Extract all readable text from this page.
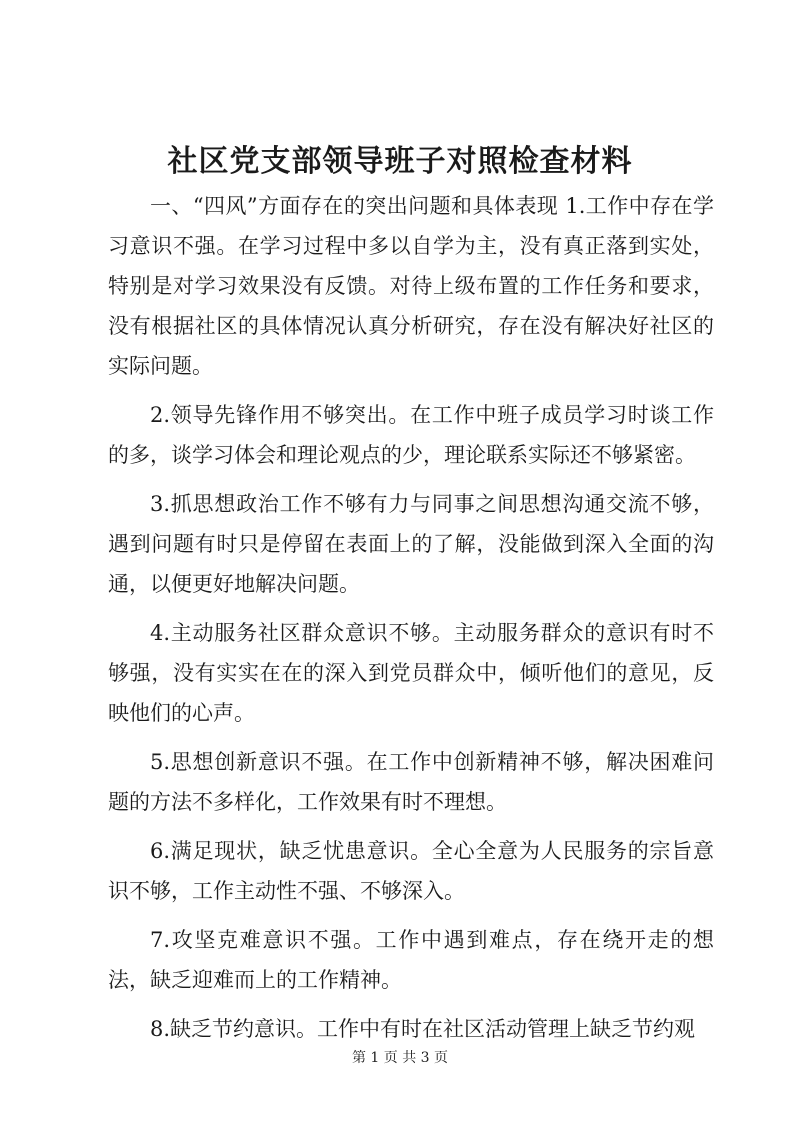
社区党支部领导班子对照检查材料

一、“四风”方面存在的突出问题和具体表现 1.工作中存在学习意识不强。在学习过程中多以自学为主，没有真正落到实处，特别是对学习效果没有反馈。对待上级布置的工作任务和要求，没有根据社区的具体情况认真分析研究，存在没有解决好社区的实际问题。

2.领导先锋作用不够突出。在工作中班子成员学习时谈工作的多，谈学习体会和理论观点的少，理论联系实际还不够紧密。

3.抓思想政治工作不够有力与同事之间思想沟通交流不够，遇到问题有时只是停留在表面上的了解，没能做到深入全面的沟通，以便更好地解决问题。

4.主动服务社区群众意识不够。主动服务群众的意识有时不够强，没有实实在在的深入到党员群众中，倾听他们的意见，反映他们的心声。

5.思想创新意识不强。在工作中创新精神不够，解决困难问题的方法不多样化，工作效果有时不理想。

6.满足现状，缺乏忧患意识。全心全意为人民服务的宗旨意识不够，工作主动性不强、不够深入。

7.攻坚克难意识不强。工作中遇到难点，存在绕开走的想法，缺乏迎难而上的工作精神。

8.缺乏节约意识。工作中有时在社区活动管理上缺乏节约观

第 1 页 共 3 页
